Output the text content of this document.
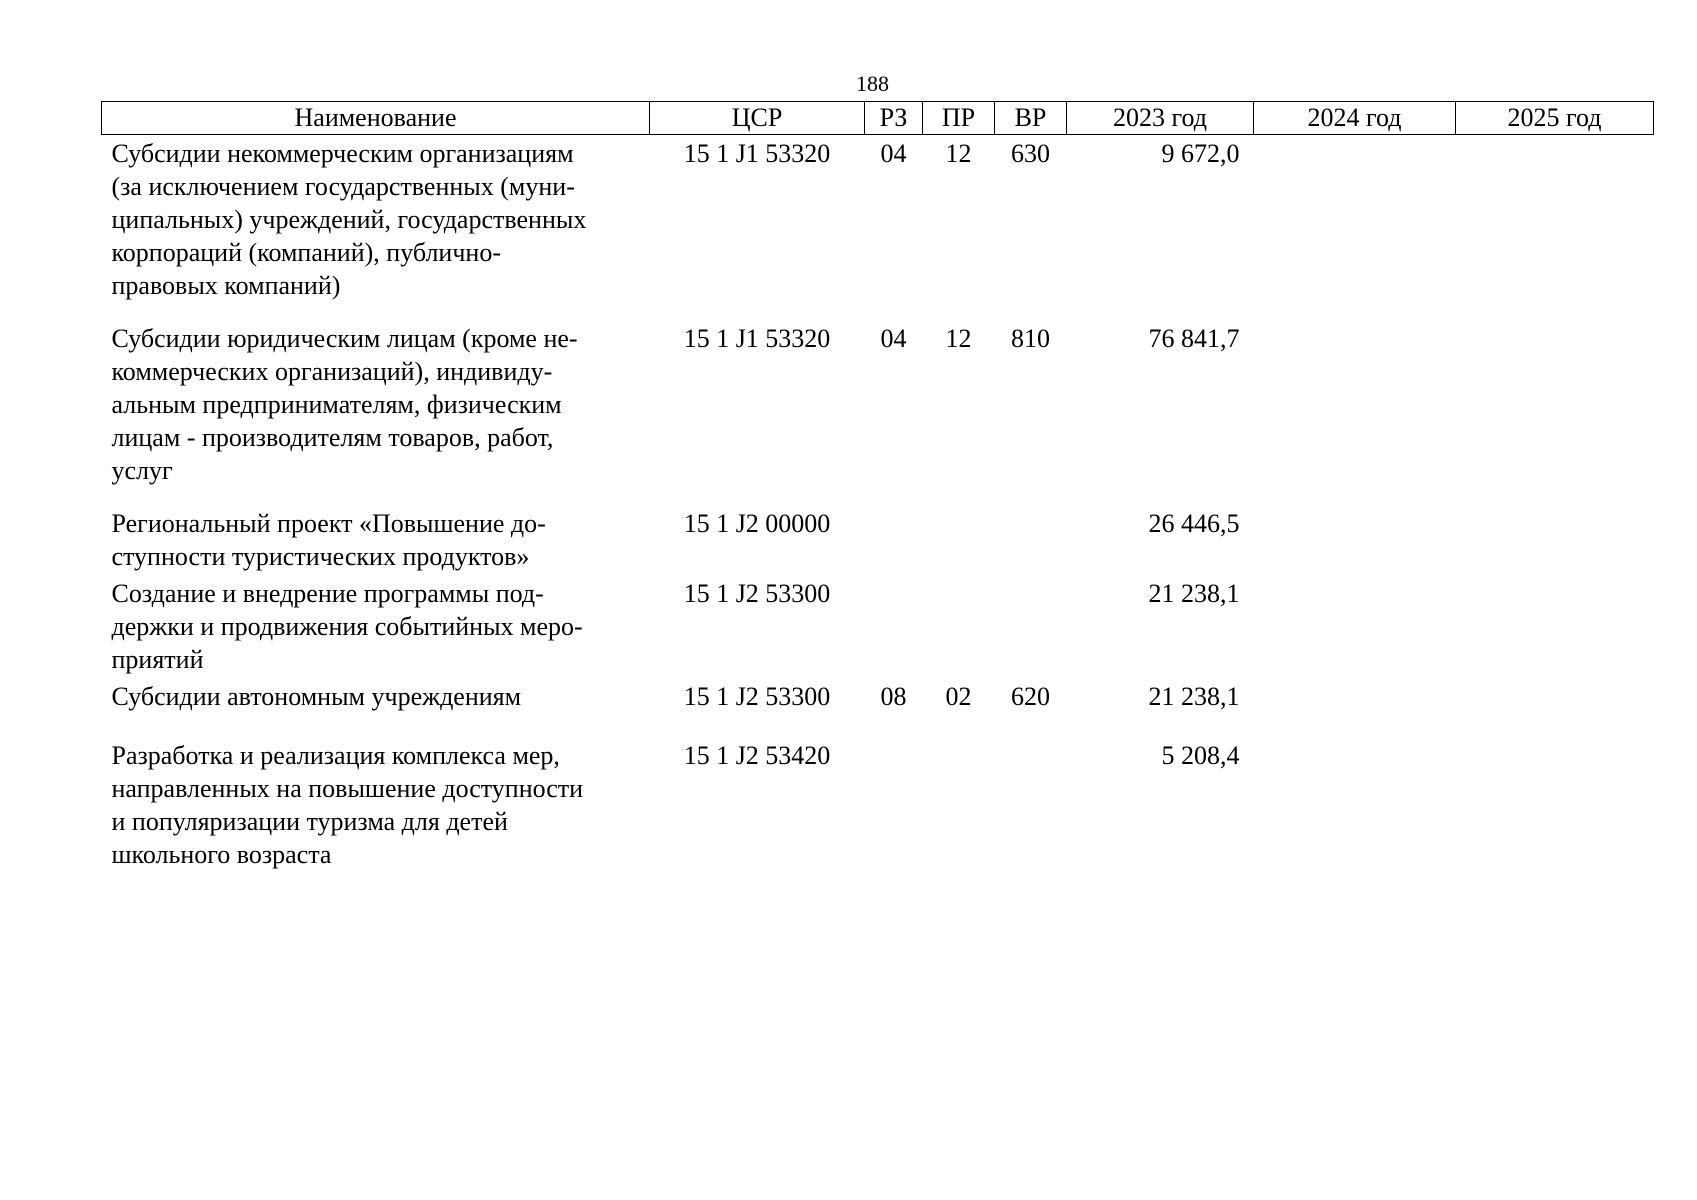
188
Наименование	ЦСР	РЗ	ПР	ВР	2023 год	2024 год	2025 год

Субсидии некоммерческим организациям
(за исключением государственных (муни-
ципальных) учреждений, государственных
корпораций (компаний), публично-
правовых компаний)	15 1 J1 53320	04	12	630	9 672,0		

Субсидии юридическим лицам (кроме не-
коммерческих организаций), индивиду-
альным предпринимателям, физическим
лицам - производителям товаров, работ,
услуг	15 1 J1 53320	04	12	810	76 841,7		

Региональный проект «Повышение до-
ступности туристических продуктов»	15 1 J2 00000				26 446,5		

Создание и внедрение программы под-
держки и продвижения событийных меро-
приятий	15 1 J2 53300				21 238,1		

Субсидии автономным учреждениям	15 1 J2 53300	08	02	620	21 238,1		

Разработка и реализация комплекса мер,
направленных на повышение доступности
и популяризации туризма для детей
школьного возраста	15 1 J2 53420				5 208,4		
